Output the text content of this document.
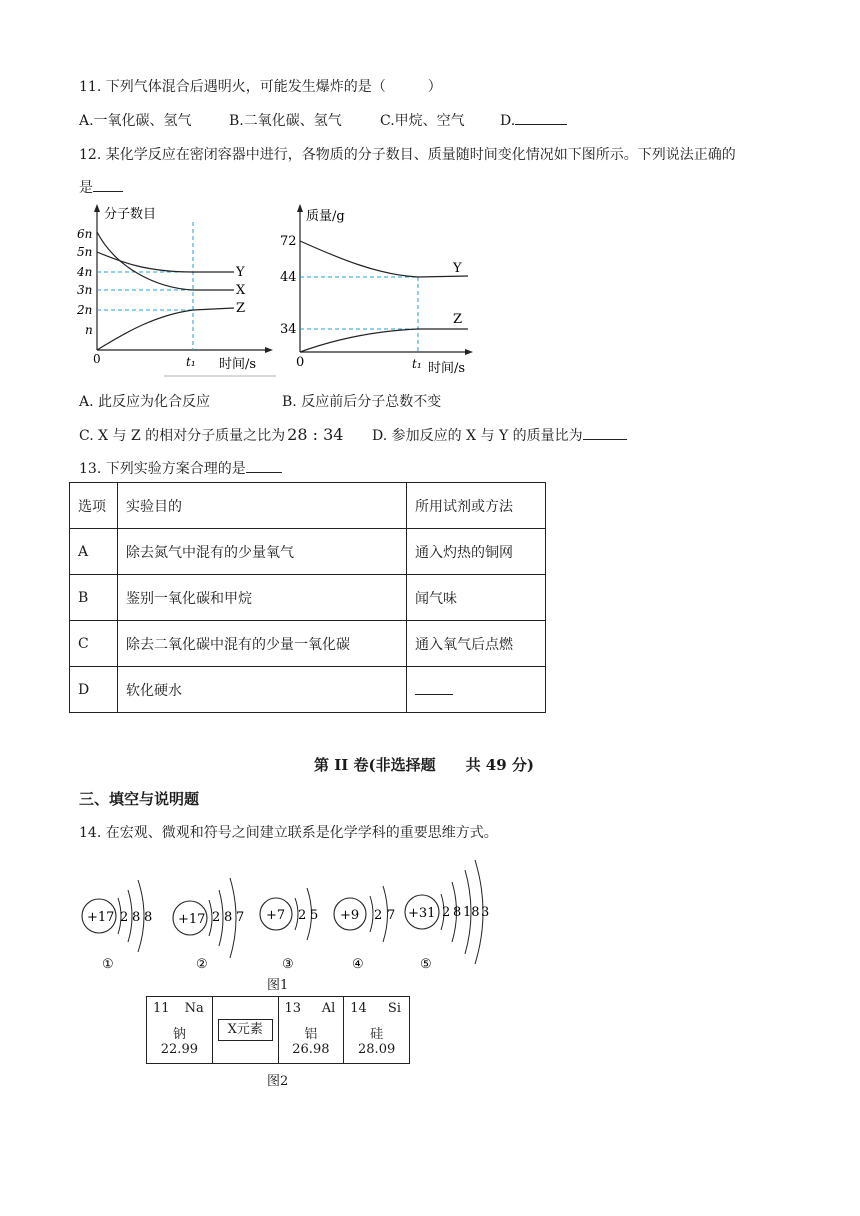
11. 下列气体混合后遇明火，可能发生爆炸的是（　　　）
A.一氧化碳、氢气	B.二氧化碳、氢气	C.甲烷、空气	D.
12. 某化学反应在密闭容器中进行，各物质的分子数目、质量随时间变化情况如下图所示。下列说法正确的
是
分子数目
6n
5n
4n
3n
2n
n
0
Y
X
Z
t₁ 时间/s
质量/g
72
44
34
0
Y
Z
t₁ 时间/s
A. 此反应为化合反应	B. 反应前后分子总数不变
C. X 与 Z 的相对分子质量之比为 28 : 34 D. 参加反应的 X 与 Y 的质量比为
13. 下列实验方案合理的是
选项	实验目的	所用试剂或方法
A	除去氮气中混有的少量氧气	通入灼热的铜网
B	鉴别一氧化碳和甲烷	闻气味
C	除去二氧化碳中混有的少量一氧化碳	通入氧气后点燃
D	软化硬水	
第 II 卷(非选择题　　共 49 分)
三、填空与说明题
14. 在宏观、微观和符号之间建立联系是化学学科的重要思维方式。
+17 2 8 8
①
+17 2 8 7
②
+7 2 5
③
+9 2 7
④
+31 2 8 18 3
⑤
图1
11 Na
钠
22.99
X元素
13 Al
铝
26.98
14 Si
硅
28.09
图2
